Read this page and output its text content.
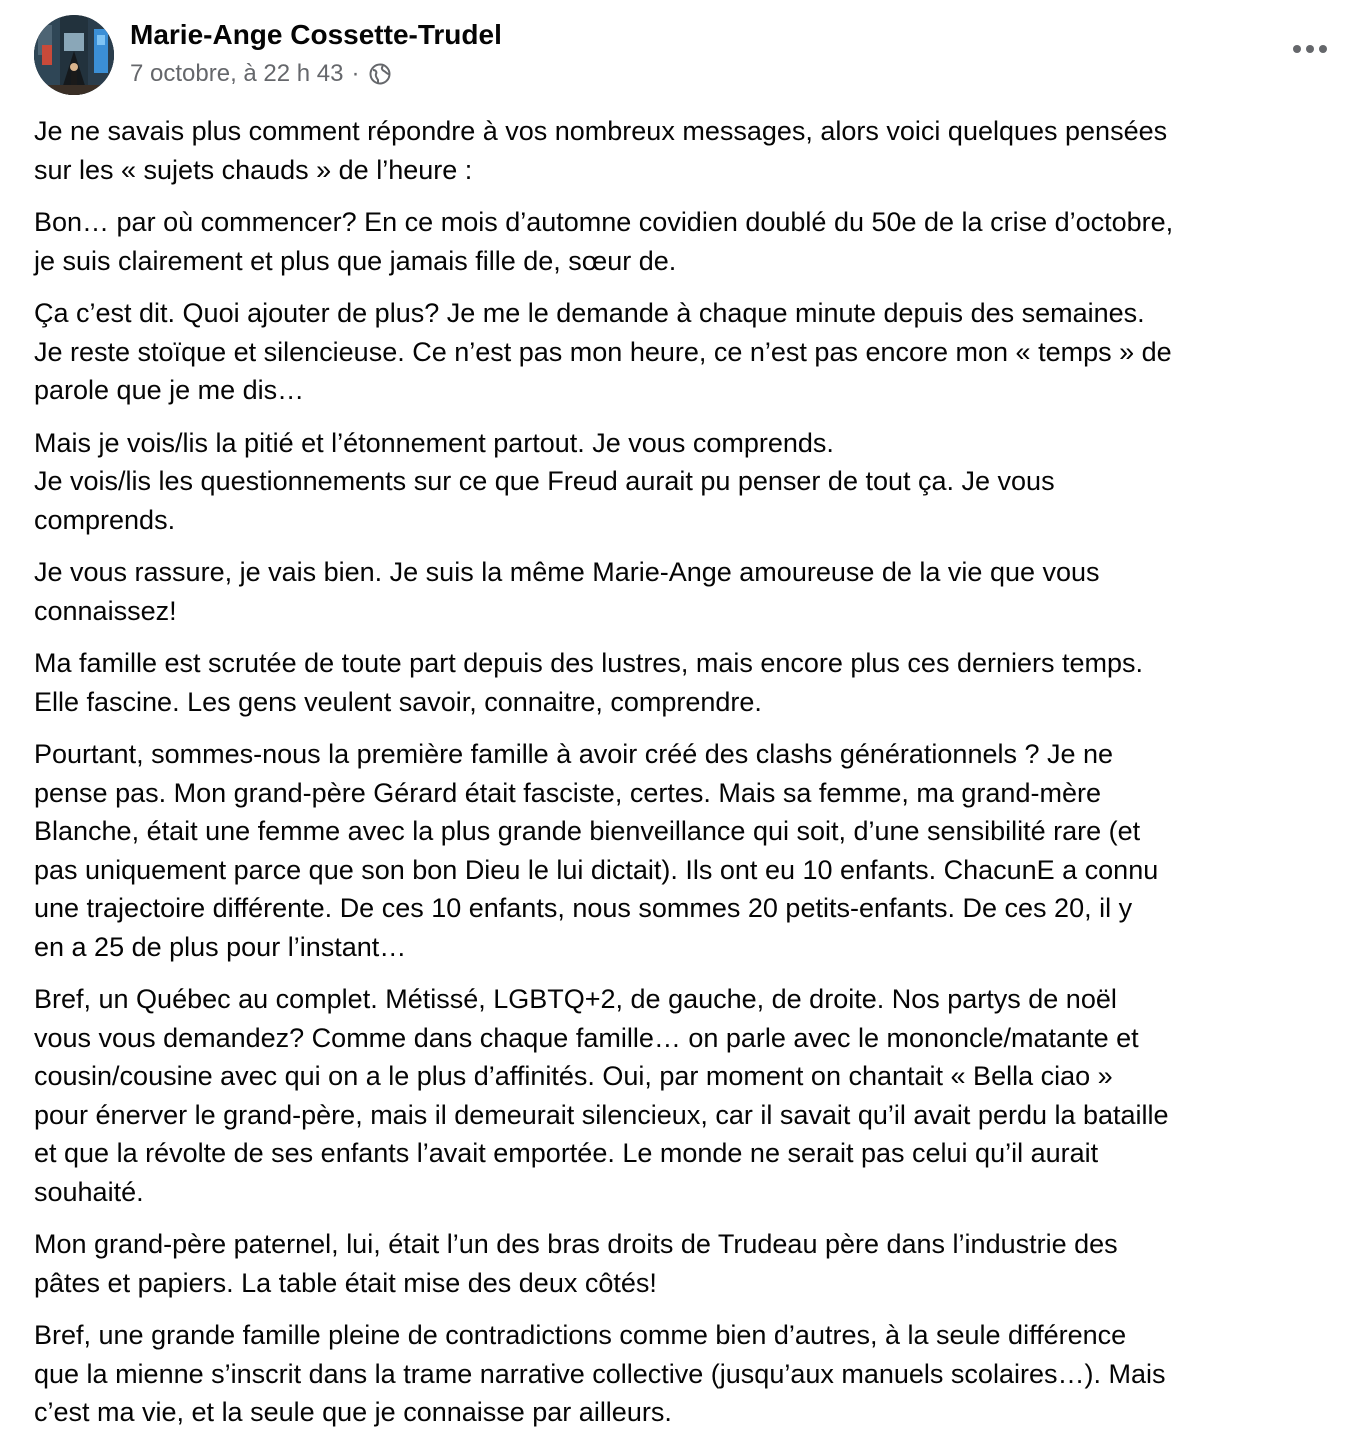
Marie-Ange Cossette-Trudel
7 octobre, à 22 h 43 ·

Je ne savais plus comment répondre à vos nombreux messages, alors voici quelques pensées
sur les « sujets chauds » de l’heure :

Bon… par où commencer? En ce mois d’automne covidien doublé du 50e de la crise d’octobre,
je suis clairement et plus que jamais fille de, sœur de.

Ça c’est dit. Quoi ajouter de plus? Je me le demande à chaque minute depuis des semaines.
Je reste stoïque et silencieuse. Ce n’est pas mon heure, ce n’est pas encore mon « temps » de
parole que je me dis…

Mais je vois/lis la pitié et l’étonnement partout. Je vous comprends.
Je vois/lis les questionnements sur ce que Freud aurait pu penser de tout ça. Je vous
comprends.

Je vous rassure, je vais bien. Je suis la même Marie-Ange amoureuse de la vie que vous
connaissez!

Ma famille est scrutée de toute part depuis des lustres, mais encore plus ces derniers temps.
Elle fascine. Les gens veulent savoir, connaitre, comprendre.

Pourtant, sommes-nous la première famille à avoir créé des clashs générationnels ? Je ne
pense pas. Mon grand-père Gérard était fasciste, certes. Mais sa femme, ma grand-mère
Blanche, était une femme avec la plus grande bienveillance qui soit, d’une sensibilité rare (et
pas uniquement parce que son bon Dieu le lui dictait). Ils ont eu 10 enfants. ChacunE a connu
une trajectoire différente. De ces 10 enfants, nous sommes 20 petits-enfants. De ces 20, il y
en a 25 de plus pour l’instant…

Bref, un Québec au complet. Métissé, LGBTQ+2, de gauche, de droite. Nos partys de noël
vous vous demandez? Comme dans chaque famille… on parle avec le mononcle/matante et
cousin/cousine avec qui on a le plus d’affinités. Oui, par moment on chantait « Bella ciao »
pour énerver le grand-père, mais il demeurait silencieux, car il savait qu’il avait perdu la bataille
et que la révolte de ses enfants l’avait emportée. Le monde ne serait pas celui qu’il aurait
souhaité.

Mon grand-père paternel, lui, était l’un des bras droits de Trudeau père dans l’industrie des
pâtes et papiers. La table était mise des deux côtés!

Bref, une grande famille pleine de contradictions comme bien d’autres, à la seule différence
que la mienne s’inscrit dans la trame narrative collective (jusqu’aux manuels scolaires…). Mais
c’est ma vie, et la seule que je connaisse par ailleurs.
